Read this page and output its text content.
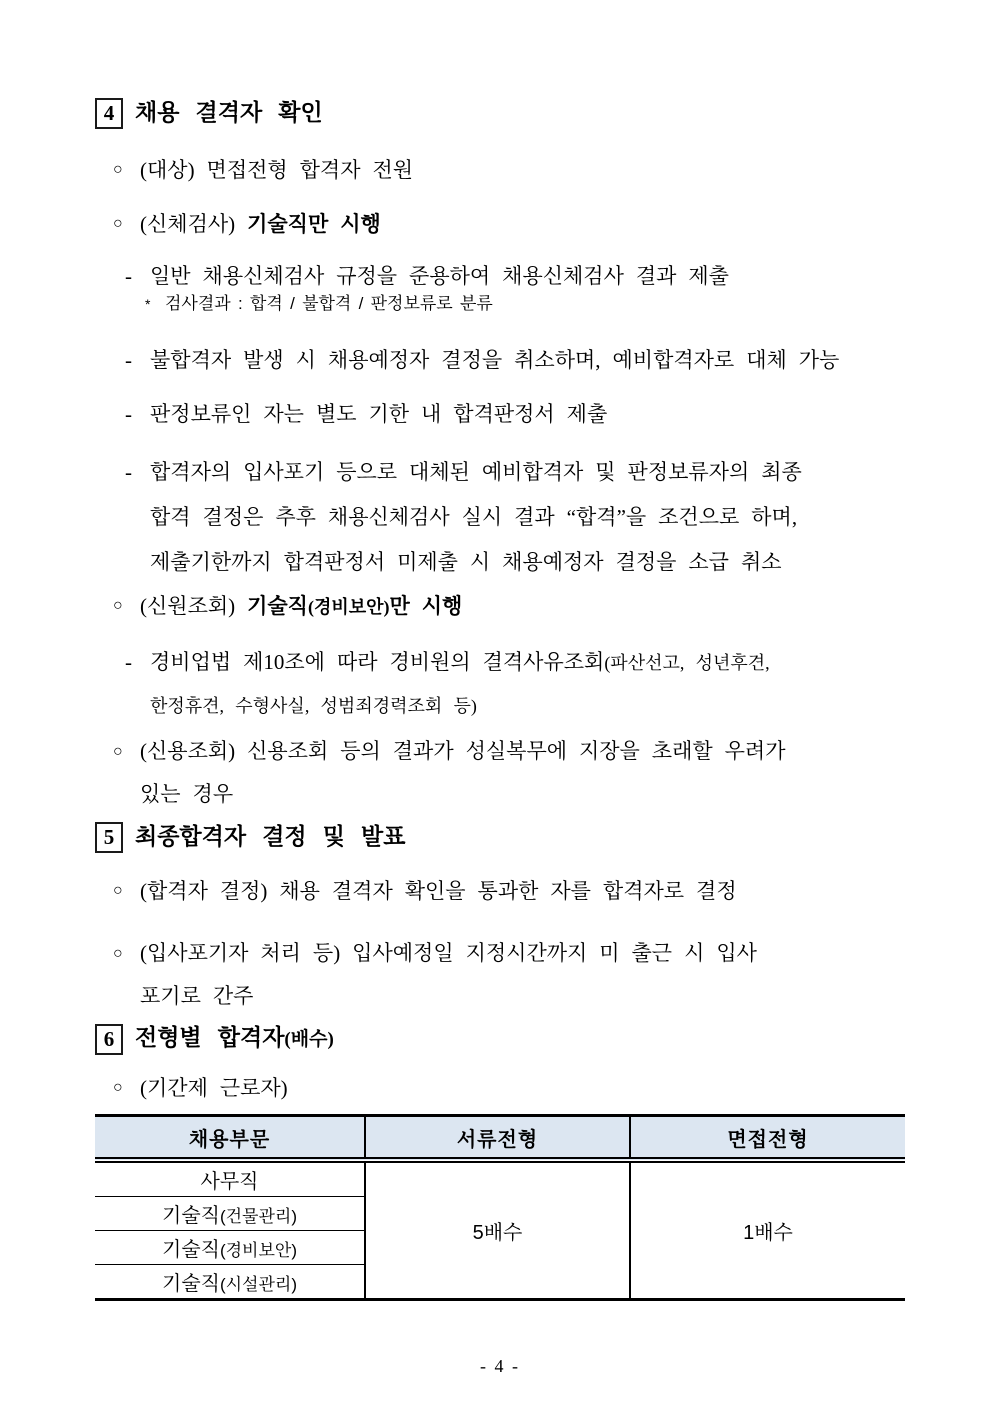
4 채용 결격자 확인
○ (대상) 면접전형 합격자 전원
○ (신체검사) 기술직만 시행
- 일반 채용신체검사 규정을 준용하여 채용신체검사 결과 제출
* 검사결과 : 합격 / 불합격 / 판정보류로 분류
- 불합격자 발생 시 채용예정자 결정을 취소하며, 예비합격자로 대체 가능
- 판정보류인 자는 별도 기한 내 합격판정서 제출
- 합격자의 입사포기 등으로 대체된 예비합격자 및 판정보류자의 최종
합격 결정은 추후 채용신체검사 실시 결과 “합격”을 조건으로 하며,
제출기한까지 합격판정서 미제출 시 채용예정자 결정을 소급 취소
○ (신원조회) 기술직(경비보안)만 시행
- 경비업법 제10조에 따라 경비원의 결격사유조회(파산선고, 성년후견,
한정휴견, 수형사실, 성범죄경력조회 등)
○ (신용조회) 신용조회 등의 결과가 성실복무에 지장을 초래할 우려가
있는 경우
5 최종합격자 결정 및 발표
○ (합격자 결정) 채용 결격자 확인을 통과한 자를 합격자로 결정
○ (입사포기자 처리 등) 입사예정일 지정시간까지 미 출근 시 입사
포기로 간주
6 전형별 합격자(배수)
○ (기간제 근로자)
채용부문	서류전형	면접전형
사무직	5배수	1배수
기술직(건물관리)		
기술직(경비보안)		
기술직(시설관리)		
- 4 -
